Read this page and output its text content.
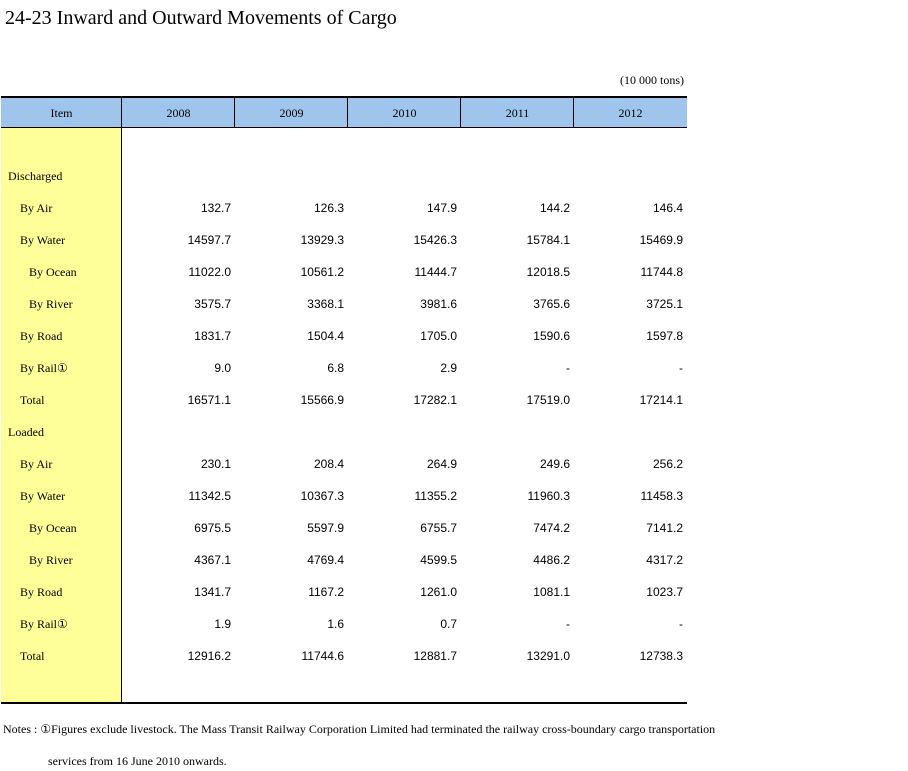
24-23 Inward and Outward Movements of Cargo
(10 000 tons)
Item	2008	2009	2010	2011	2012
Discharged
By Air	132.7	126.3	147.9	144.2	146.4
By Water	14597.7	13929.3	15426.3	15784.1	15469.9
By Ocean	11022.0	10561.2	11444.7	12018.5	11744.8
By River	3575.7	3368.1	3981.6	3765.6	3725.1
By Road	1831.7	1504.4	1705.0	1590.6	1597.8
By Rail①	9.0	6.8	2.9	-	-
Total	16571.1	15566.9	17282.1	17519.0	17214.1
Loaded
By Air	230.1	208.4	264.9	249.6	256.2
By Water	11342.5	10367.3	11355.2	11960.3	11458.3
By Ocean	6975.5	5597.9	6755.7	7474.2	7141.2
By River	4367.1	4769.4	4599.5	4486.2	4317.2
By Road	1341.7	1167.2	1261.0	1081.1	1023.7
By Rail①	1.9	1.6	0.7	-	-
Total	12916.2	11744.6	12881.7	13291.0	12738.3
Notes : ①Figures exclude livestock. The Mass Transit Railway Corporation Limited had terminated the railway cross-boundary cargo transportation
services from 16 June 2010 onwards.
